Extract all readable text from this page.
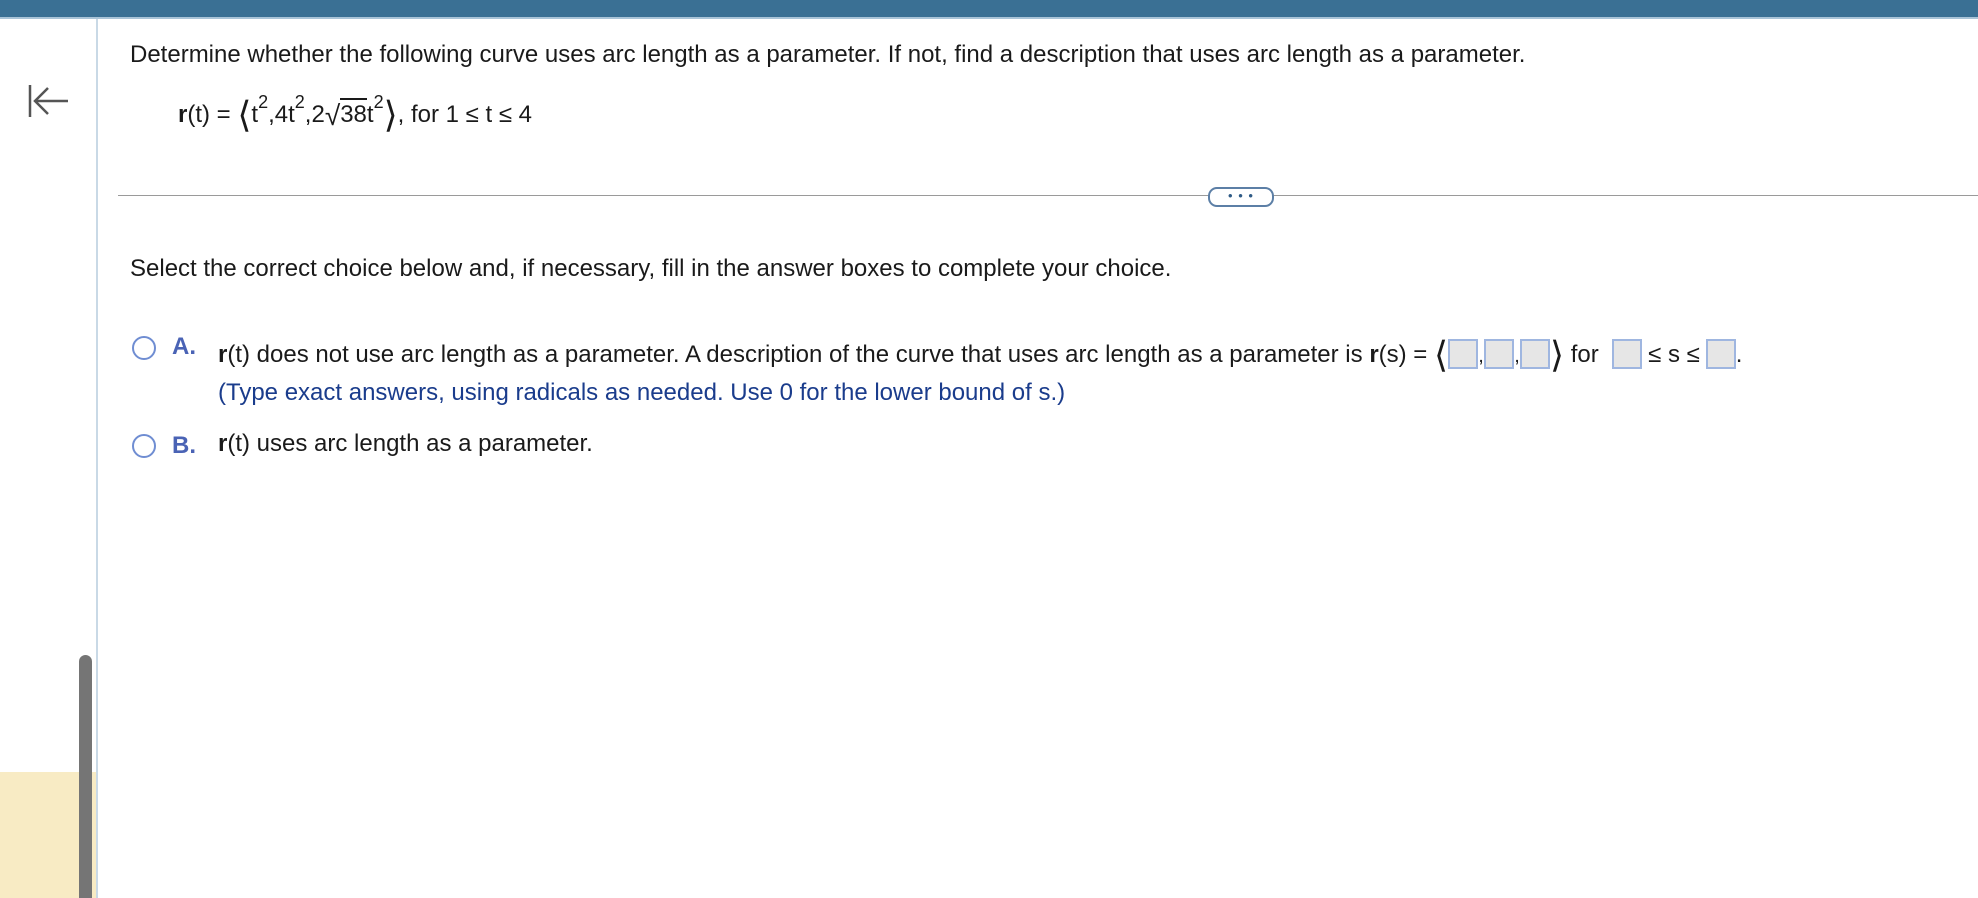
Determine whether the following curve uses arc length as a parameter. If not, find a description that uses arc length as a parameter.
$r(t) = ⟨t^2,4t^2,2√38t^2⟩$, for 1 ≤ t ≤ 4
• • •
Select the correct choice below and, if necessary, fill in the answer boxes to complete your choice.
A. r(t) does not use arc length as a parameter. A description of the curve that uses arc length as a parameter is r(s) = ⟨ , , ⟩ for  ≤ s ≤ .
(Type exact answers, using radicals as needed. Use 0 for the lower bound of s.)
B. r(t) uses arc length as a parameter.
